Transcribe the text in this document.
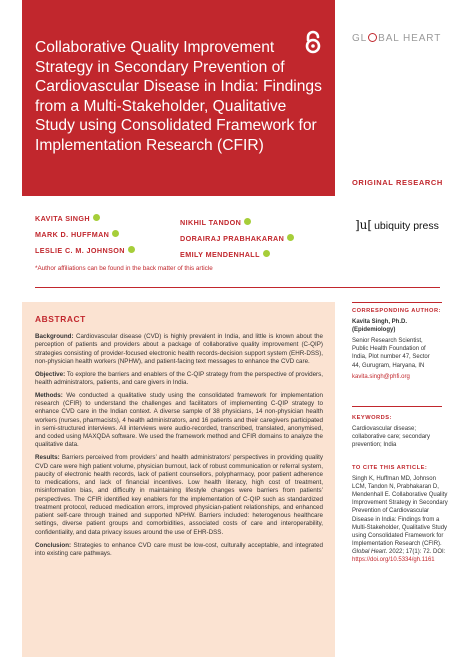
Collaborative Quality Improvement Strategy in Secondary Prevention of Cardiovascular Disease in India: Findings from a Multi-Stakeholder, Qualitative Study using Consolidated Framework for Implementation Research (CFIR)
GL BAL HEART
ORIGINAL RESEARCH
KAVITA SINGH
MARK D. HUFFMAN
LESLIE C. M. JOHNSON
NIKHIL TANDON
DORAIRAJ PRABHAKARAN
EMILY MENDENHALL
*Author affiliations can be found in the back matter of this article
]u[ ubiquity press
ABSTRACT

Background: Cardiovascular disease (CVD) is highly prevalent in India, and little is known about the perception of patients and providers about a package of collaborative quality improvement (C-QIP) strategies consisting of provider-focused electronic health records-decision support system (EHR-DSS), non-physician health workers (NPHW), and patient-facing text messages to enhance the CVD care.

Objective: To explore the barriers and enablers of the C-QIP strategy from the perspective of providers, health administrators, patients, and care givers in India.

Methods: We conducted a qualitative study using the consolidated framework for implementation research (CFIR) to understand the challenges and facilitators of implementing C-QIP strategy to enhance CVD care in the Indian context. A diverse sample of 38 physicians, 14 non-physician health workers (nurses, pharmacists), 4 health administrators, and 16 patients and their caregivers participated in semi-structured interviews. All interviews were audio-recorded, transcribed, translated, anonymised, and coded using MAXQDA software. We used the framework method and CFIR domains to analyze the qualitative data.

Results: Barriers perceived from providers’ and health administrators’ perspectives in providing quality CVD care were high patient volume, physician burnout, lack of robust communication or referral system, paucity of electronic health records, lack of patient counsellors, polypharmacy, poor patient adherence to medications, and lack of financial incentives. Low health literacy, high cost of treatment, misinformation bias, and difficulty in maintaining lifestyle changes were barriers from patients’ perspectives. The CFIR identified key enablers for the implementation of C-QIP such as standardized treatment protocol, reduced medication errors, improved physician-patient relationships, and enhanced patient self-care through trained and supported NPHW. Barriers included: heterogenous healthcare settings, diverse patient groups and comorbidities, associated costs of care and interoperability, confidentiality, and data privacy issues around the use of EHR-DSS.

Conclusion: Strategies to enhance CVD care must be low-cost, culturally acceptable, and integrated into existing care pathways.

CORRESPONDING AUTHOR:
Kavita Singh, Ph.D.
(Epidemiology)
Senior Research Scientist,
Public Health Foundation of
India, Plot number 47, Sector
44, Gurugram, Haryana, IN
kavita.singh@phfi.org
KEYWORDS:
Cardiovascular disease; collaborative care; secondary prevention; India
TO CITE THIS ARTICLE:
Singh K, Huffman MD, Johnson LCM, Tandon N, Prabhakaran D, Mendenhall E. Collaborative Quality Improvement Strategy in Secondary Prevention of Cardiovascular Disease in India: Findings from a Multi-Stakeholder, Qualitative Study using Consolidated Framework for Implementation Research (CFIR). Global Heart. 2022; 17(1): 72. DOI: https://doi.org/10.5334/gh.1161
